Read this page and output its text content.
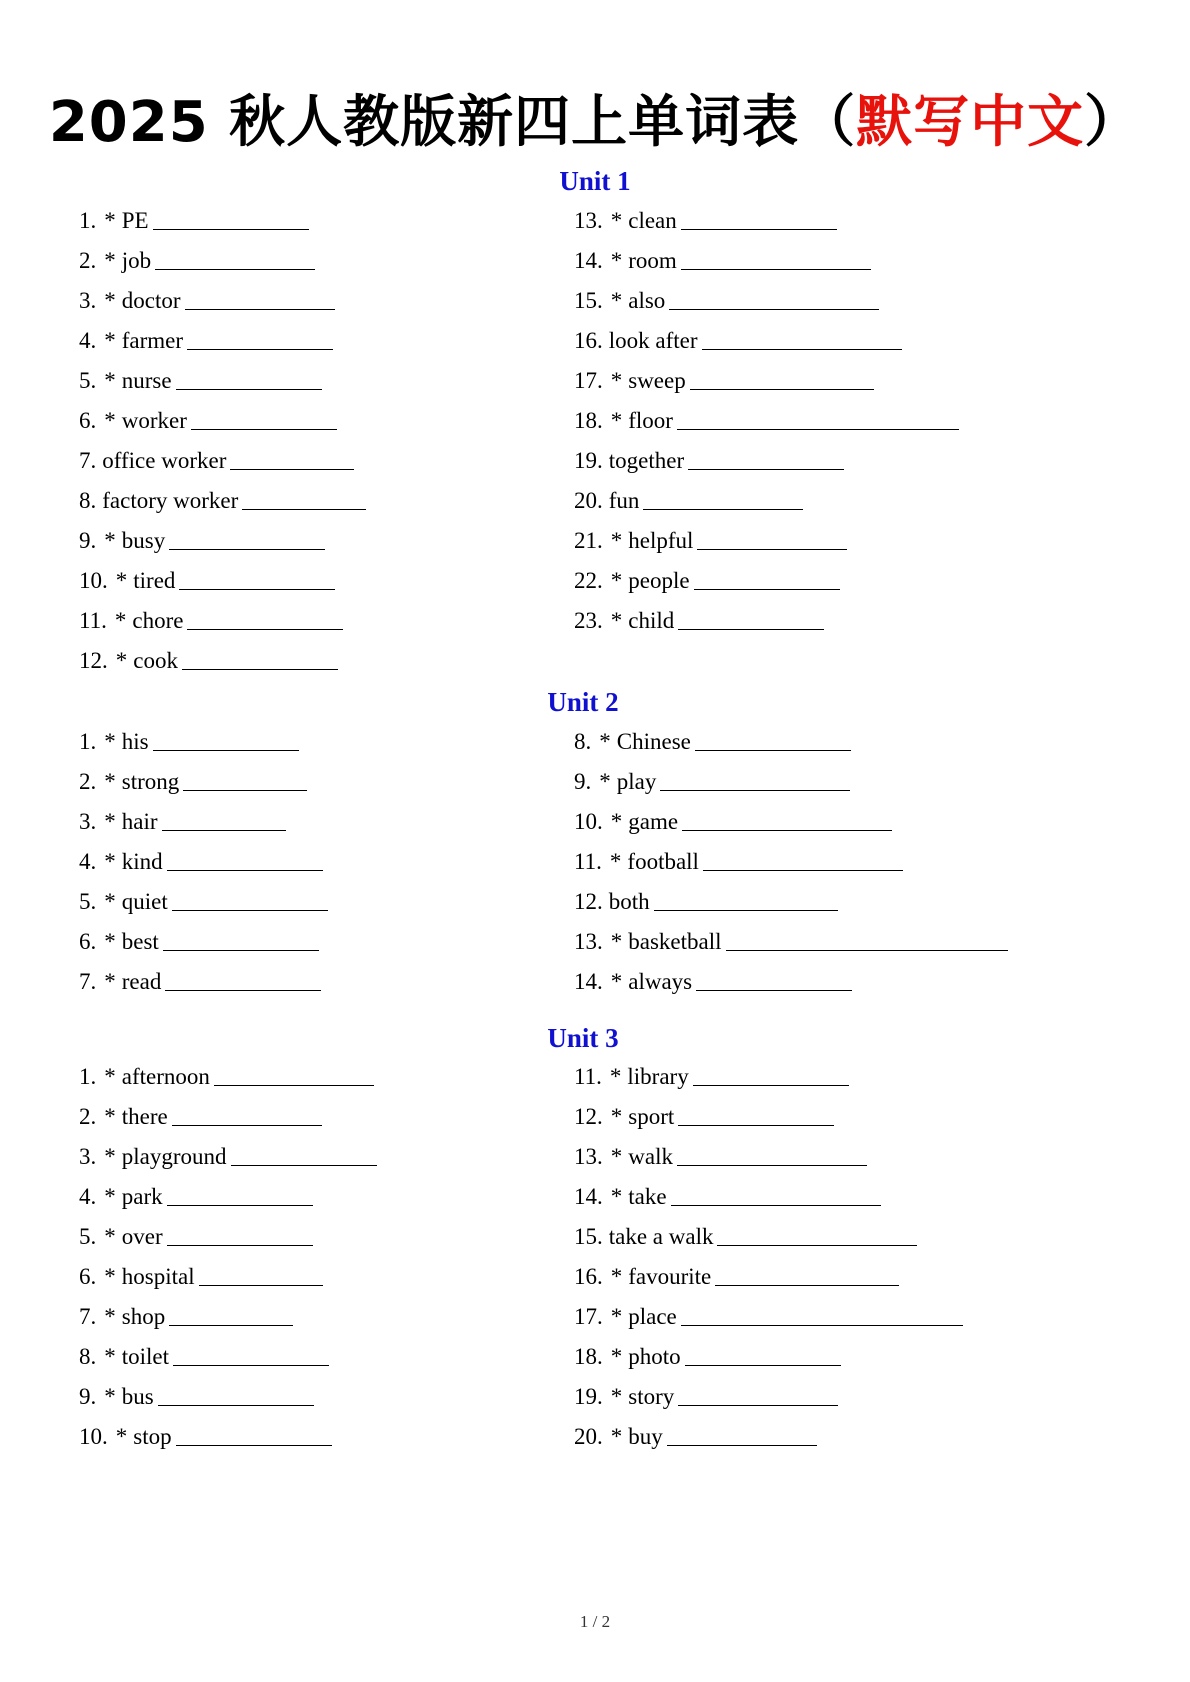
2025 秋人教版新四上单词表（默写中文）
Unit 1
1. * PE
2. * job
3. * doctor
4. * farmer
5. * nurse
6. * worker
7. office worker
8. factory worker
9. * busy
10. * tired
11. * chore
12. * cook
13. * clean
14. * room
15. * also
16. look after
17. * sweep
18. * floor
19. together
20. fun
21. * helpful
22. * people
23. * child
Unit 2
1. * his
2. * strong
3. * hair
4. * kind
5. * quiet
6. * best
7. * read
8. * Chinese
9. * play
10. * game
11. * football
12. both
13. * basketball
14. * always
Unit 3
1. * afternoon
2. * there
3. * playground
4. * park
5. * over
6. * hospital
7. * shop
8. * toilet
9. * bus
10. * stop
11. * library
12. * sport
13. * walk
14. * take
15. take a walk
16. * favourite
17. * place
18. * photo
19. * story
20. * buy
1 / 2
